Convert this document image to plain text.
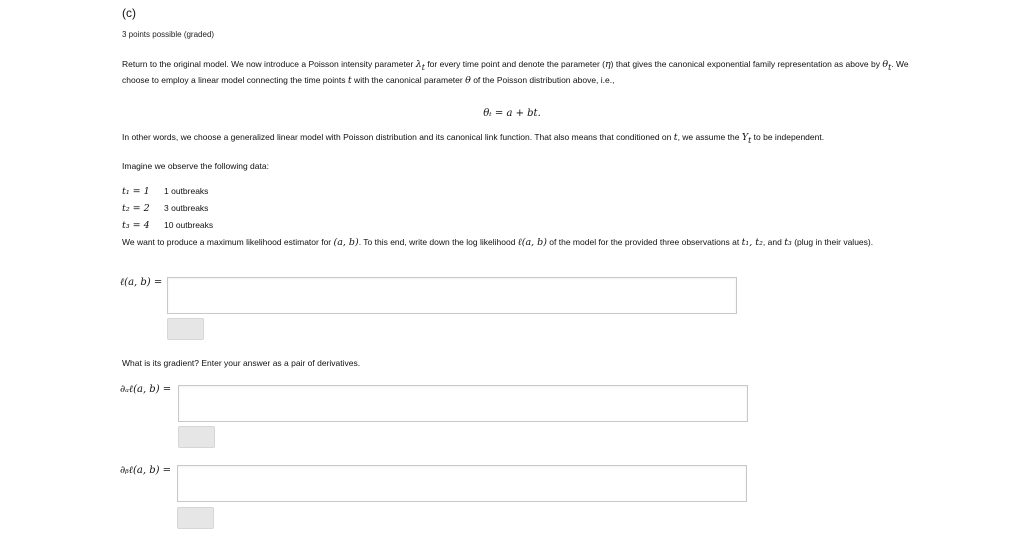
(c)
3 points possible (graded)
Return to the original model. We now introduce a Poisson intensity parameter $\lambda_t$ for every time point and denote the parameter (η) that gives the canonical exponential family representation as above by $\theta_t$. We choose to employ a linear model connecting the time points t with the canonical parameter θ of the Poisson distribution above, i.e.,
θₜ = a + bt.
In other words, we choose a generalized linear model with Poisson distribution and its canonical link function. That also means that conditioned on t, we assume the $Y_t$ to be independent.
Imagine we observe the following data:
t₁ = 1 1 outbreaks
t₂ = 2 3 outbreaks
t₃ = 4 10 outbreaks
We want to produce a maximum likelihood estimator for (a, b). To this end, write down the log likelihood ℓ(a, b) of the model for the provided three observations at t₁, t₂, and t₃ (plug in their values).
ℓ(a, b) =
What is its gradient? Enter your answer as a pair of derivatives.
∂ₐℓ(a, b) =
∂ᵦℓ(a, b) =
